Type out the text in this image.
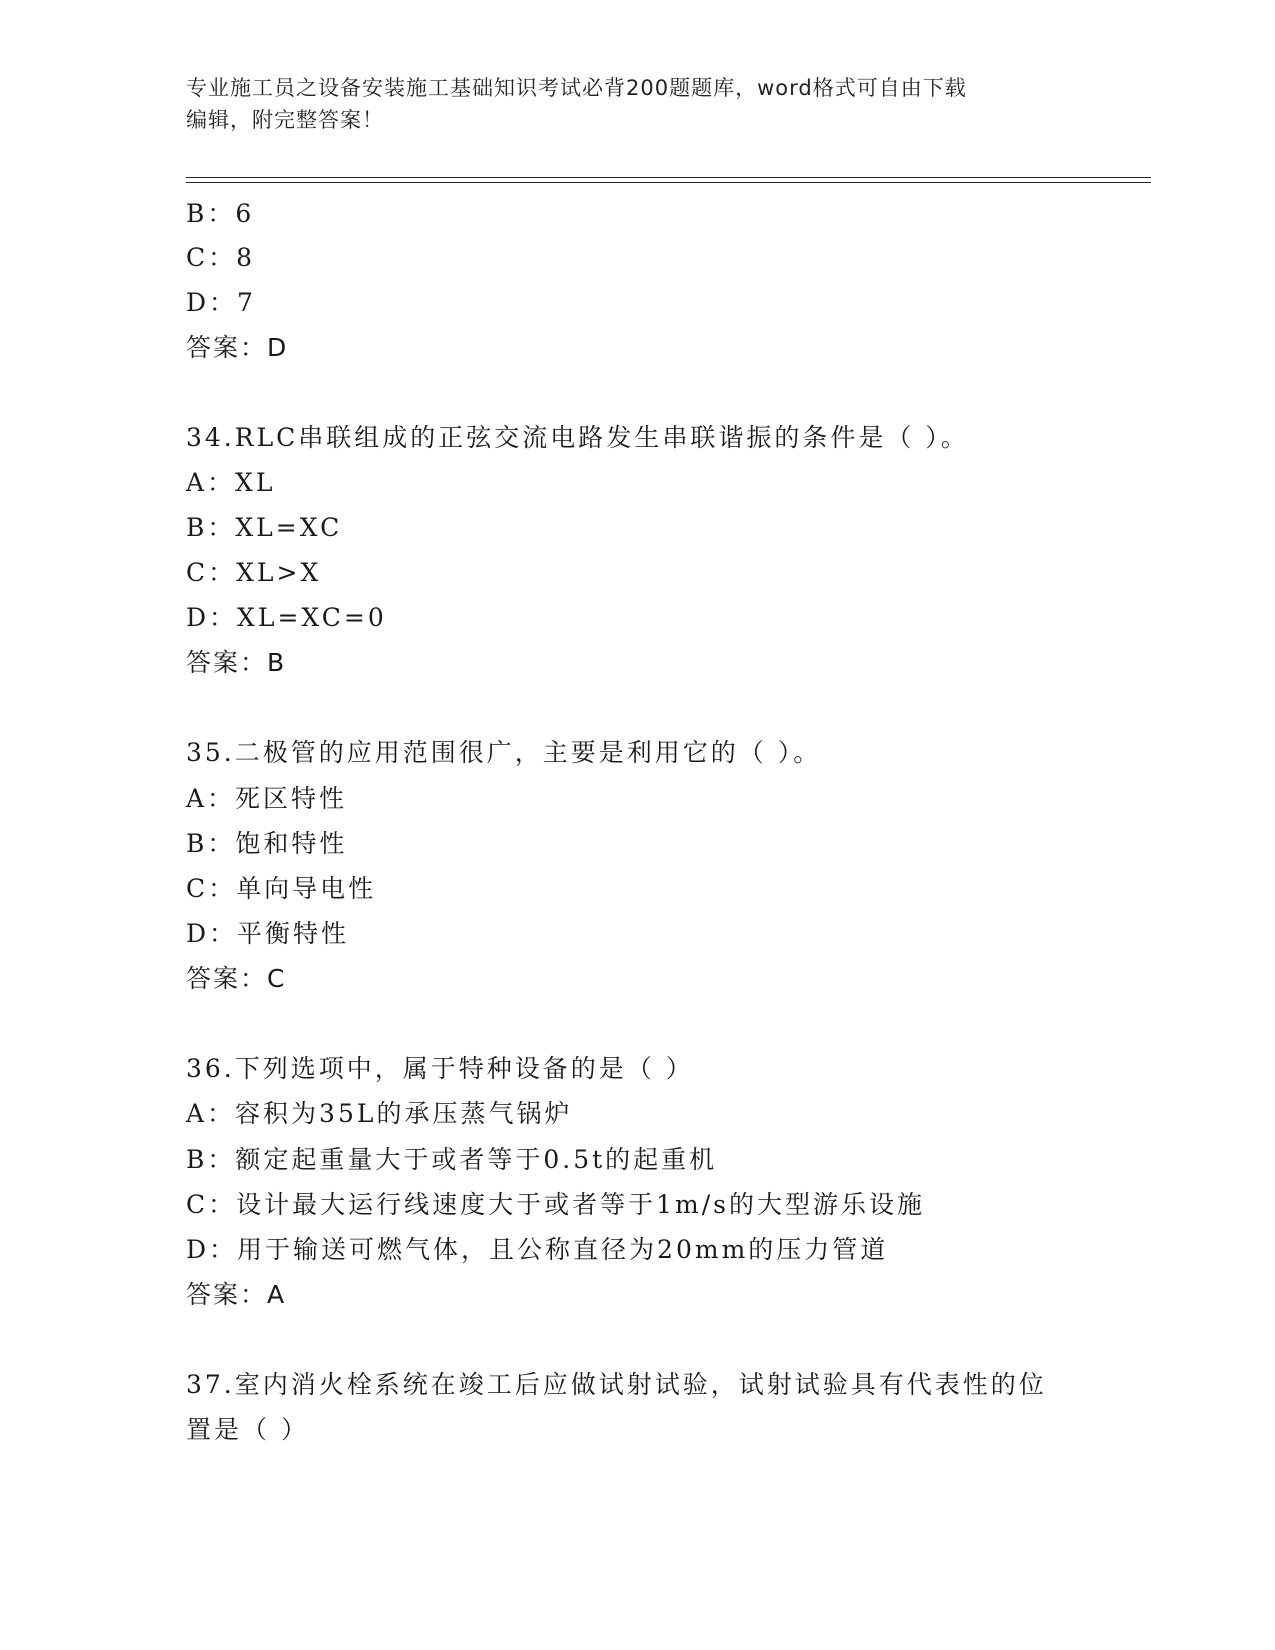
专业施工员之设备安装施工基础知识考试必背200题题库，word格式可自由下载
编辑，附完整答案！
B：6
C：8
D：7
答案：D
34.RLC串联组成的正弦交流电路发生串联谐振的条件是（ ）。
A：XL
B：XL=XC
C：XL>X
D：XL=XC=0
答案：B
35.二极管的应用范围很广，主要是利用它的（ ）。
A：死区特性
B：饱和特性
C：单向导电性
D：平衡特性
答案：C
36.下列选项中，属于特种设备的是（ ）
A：容积为35L的承压蒸气锅炉
B：额定起重量大于或者等于0.5t的起重机
C：设计最大运行线速度大于或者等于1m/s的大型游乐设施
D：用于输送可燃气体，且公称直径为20mm的压力管道
答案：A
37.室内消火栓系统在竣工后应做试射试验，试射试验具有代表性的位
置是（ ）
